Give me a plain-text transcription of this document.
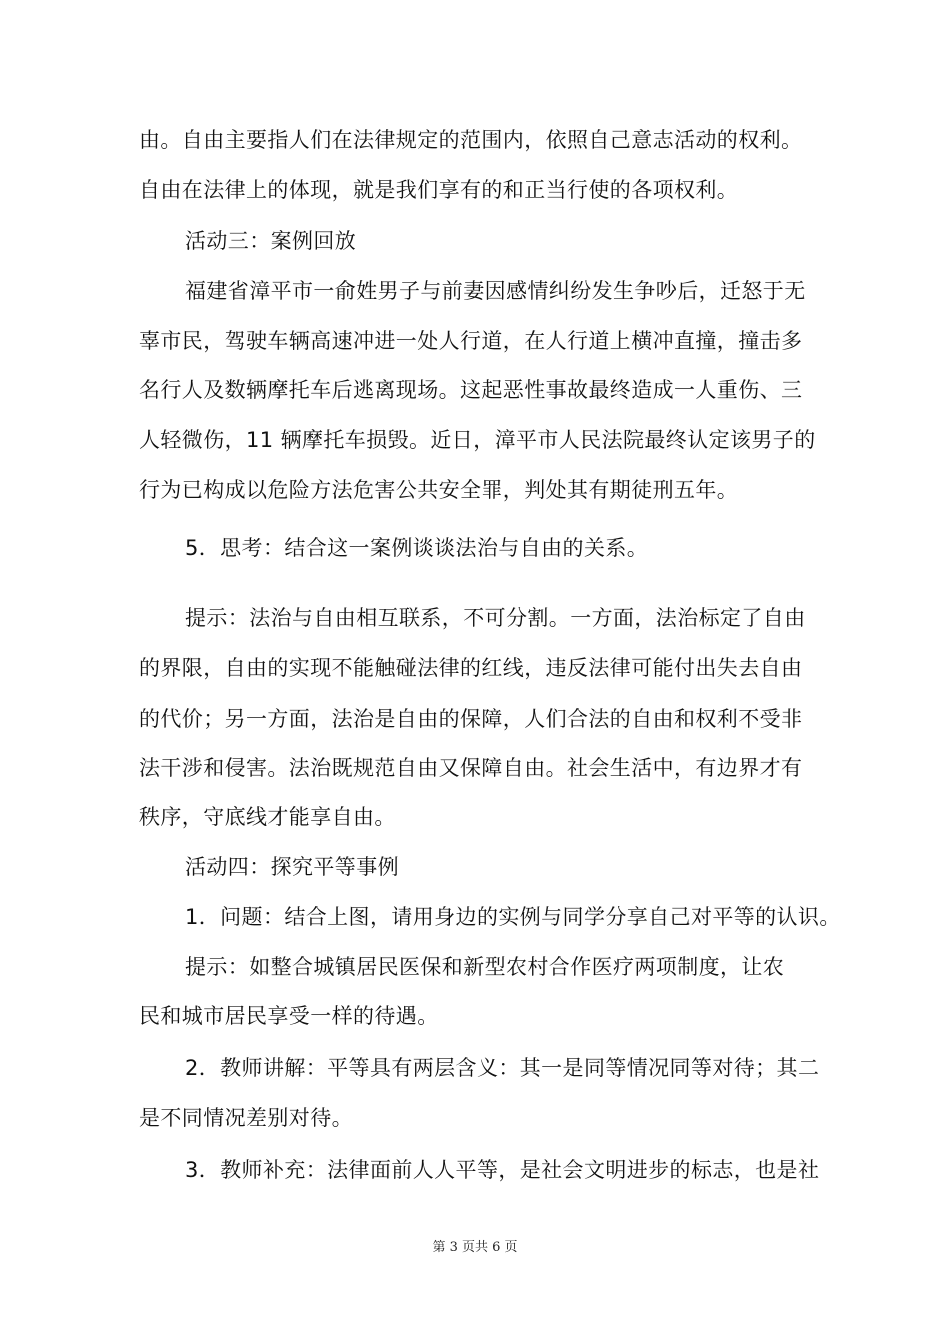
由。自由主要指人们在法律规定的范围内，依照自己意志活动的权利。
自由在法律上的体现，就是我们享有的和正当行使的各项权利。
活动三：案例回放
福建省漳平市一俞姓男子与前妻因感情纠纷发生争吵后，迁怒于无
辜市民，驾驶车辆高速冲进一处人行道，在人行道上横冲直撞，撞击多
名行人及数辆摩托车后逃离现场。这起恶性事故最终造成一人重伤、三
人轻微伤，11 辆摩托车损毁。近日，漳平市人民法院最终认定该男子的
行为已构成以危险方法危害公共安全罪，判处其有期徒刑五年。
5．思考：结合这一案例谈谈法治与自由的关系。
提示：法治与自由相互联系，不可分割。一方面，法治标定了自由
的界限，自由的实现不能触碰法律的红线，违反法律可能付出失去自由
的代价；另一方面，法治是自由的保障，人们合法的自由和权利不受非
法干涉和侵害。法治既规范自由又保障自由。社会生活中，有边界才有
秩序，守底线才能享自由。
活动四：探究平等事例
1．问题：结合上图，请用身边的实例与同学分享自己对平等的认识。
提示：如整合城镇居民医保和新型农村合作医疗两项制度，让农
民和城市居民享受一样的待遇。
2．教师讲解：平等具有两层含义：其一是同等情况同等对待；其二
是不同情况差别对待。
3．教师补充：法律面前人人平等，是社会文明进步的标志，也是社
第 3 页共 6 页
